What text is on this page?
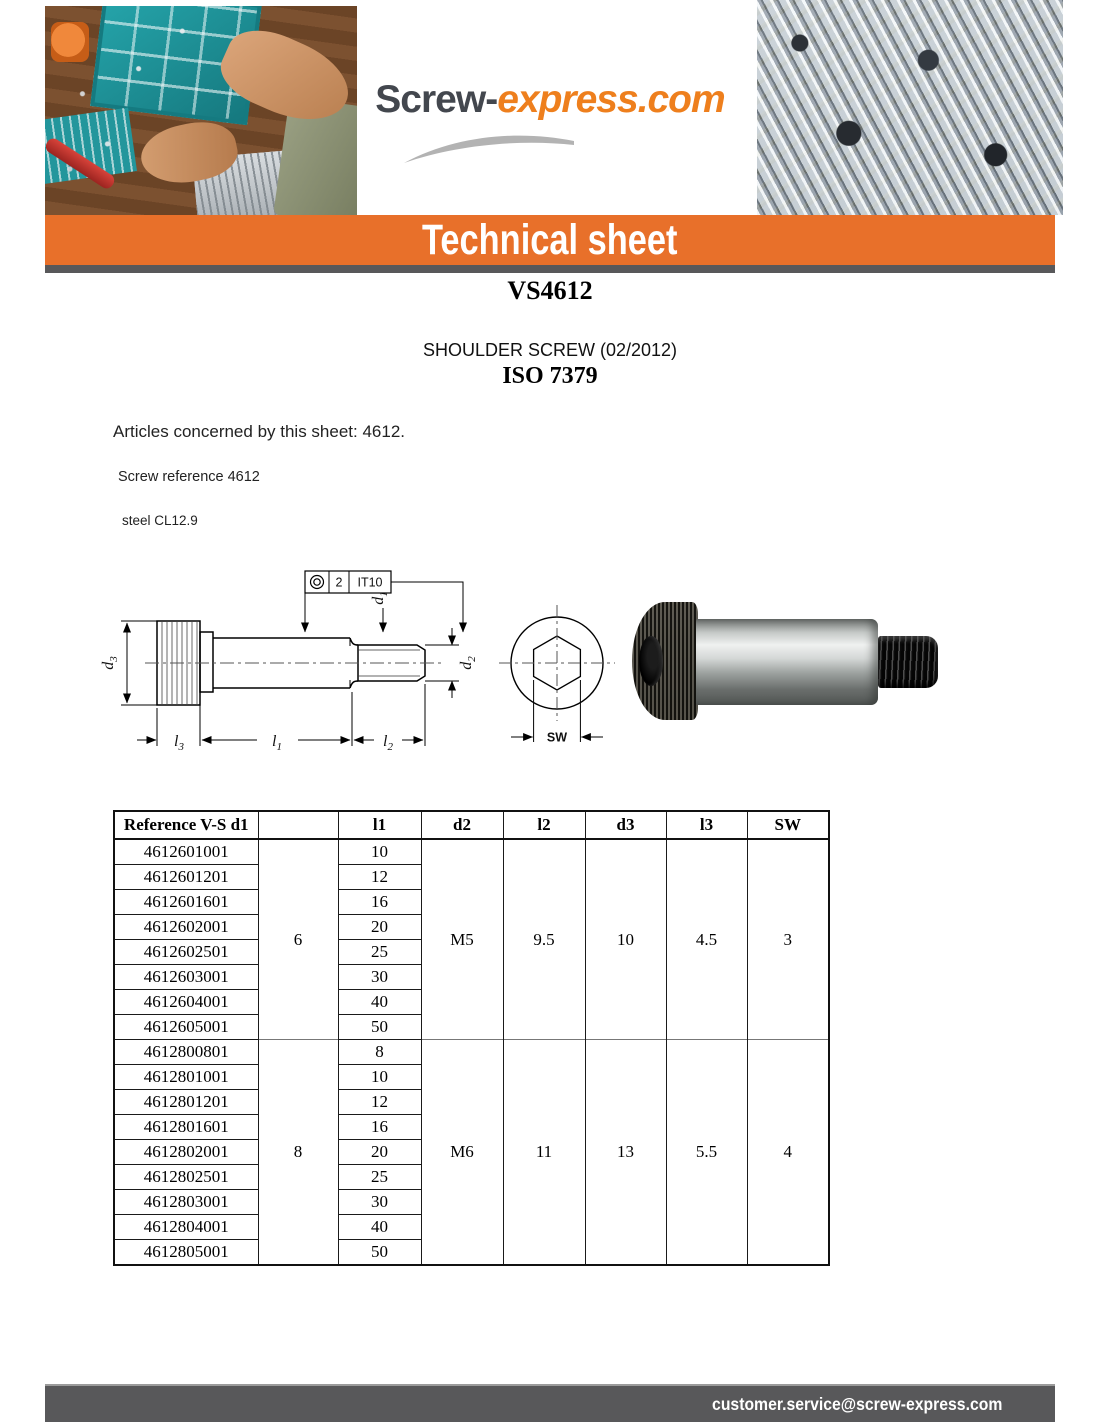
Screw-express.com
Technical sheet
VS4612
SHOULDER SCREW (02/2012)
ISO 7379
Articles concerned by this sheet: 4612.
Screw reference 4612
steel CL12.9
2 IT10
$d_1$
$d_3$
$d_2$
$l_3$	$l_1$	$l_2$
SW
Reference V-S d1		l1	d2	l2	d3	l3	SW
4612601001	6	10	M5	9.5	10	4.5	3
4612601201		12					
4612601601		16					
4612602001		20					
4612602501		25					
4612603001		30					
4612604001		40					
4612605001		50					
4612800801	8	8	M6	11	13	5.5	4
4612801001		10					
4612801201		12					
4612801601		16					
4612802001		20					
4612802501		25					
4612803001		30					
4612804001		40					
4612805001		50					
customer.service@screw-express.com
